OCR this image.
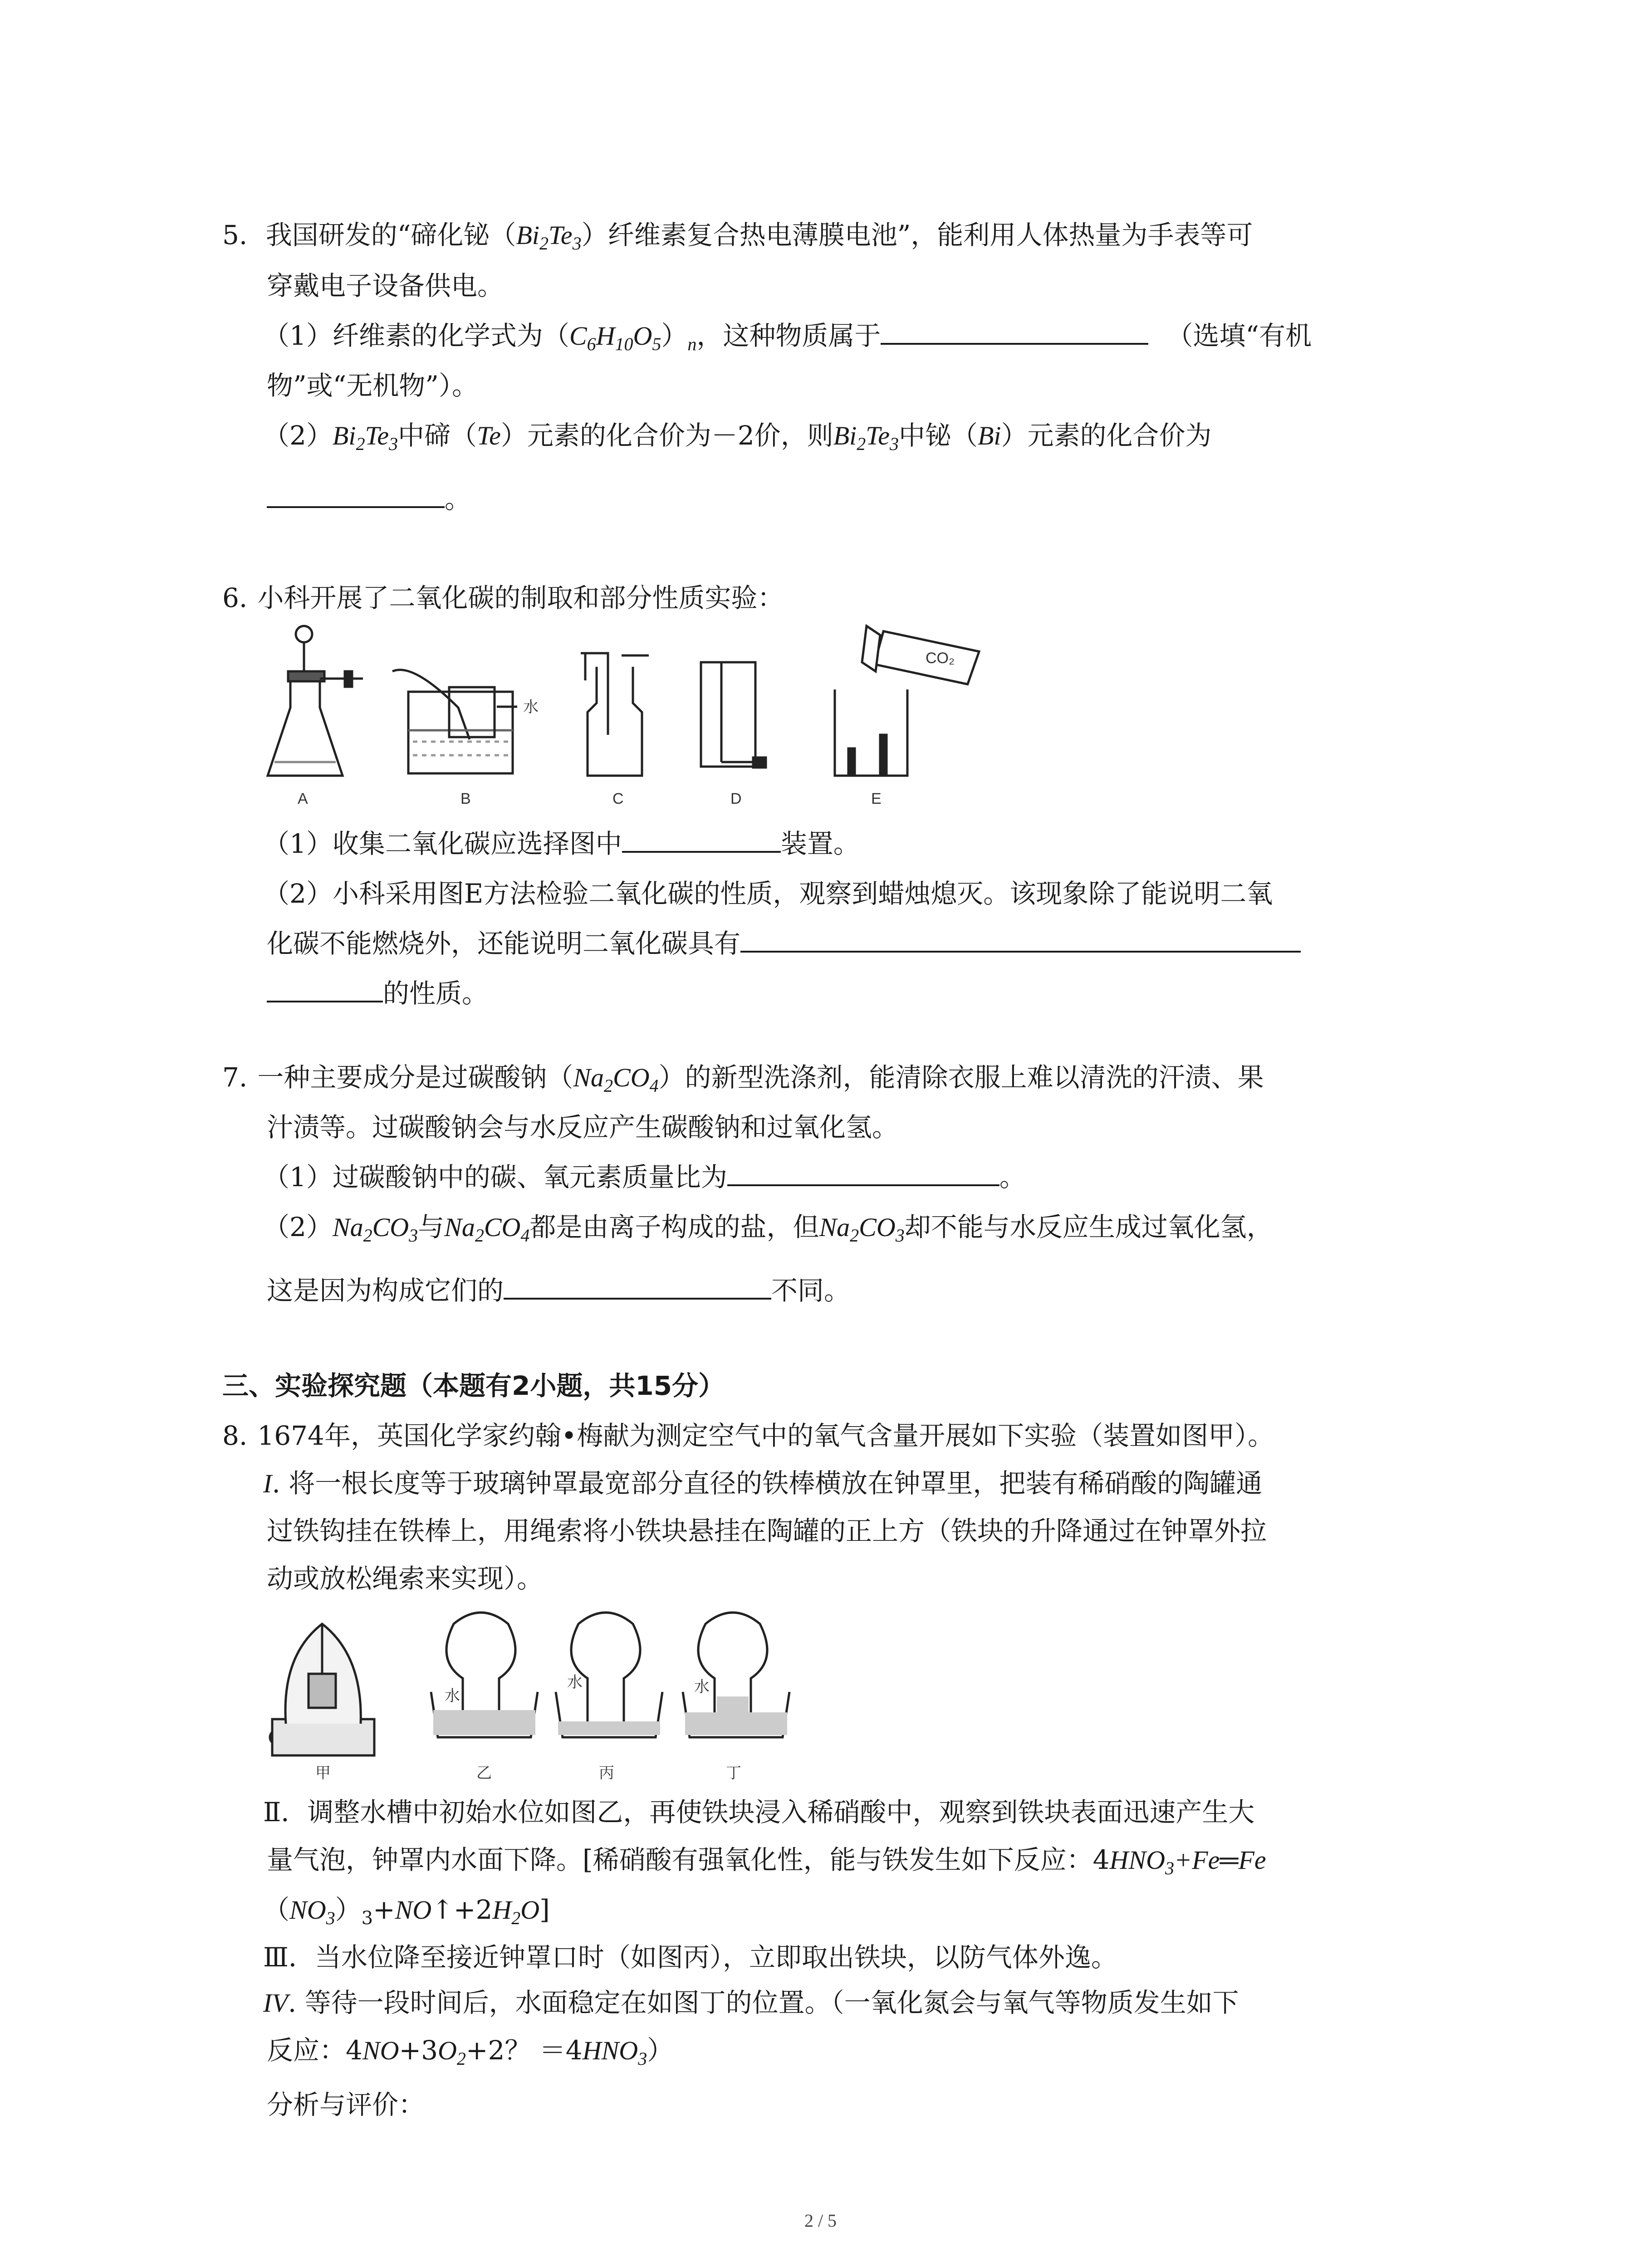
5. 我国研发的“碲化铋$(Bi_2Te_3)$纤维素复合热电薄膜电池”，能利用人体热量为手表等可
穿戴电子设备供电。
（1）纤维素的化学式为$(C_6H_{10}O_5)_n$，这种物质属于	（选填“有机
物”或“无机物”）。
$(2)Bi_2Te_3$中碲（Te）元素的化合价为－2价，则$Bi_2Te_3$中铋（Bi）元素的化合价为
。
6. 小科开展了二氧化碳的制取和部分性质实验：
CO₂
水
A	B	C	D	E
（1）收集二氧化碳应选择图中	装置。
（2）小科采用图E方法检验二氧化碳的性质，观察到蜡烛熄灭。该现象除了能说明二氧
化碳不能燃烧外，还能说明二氧化碳具有
的性质。
7. 一种主要成分是过碳酸钠$(Na_2CO_4)$的新型洗涤剂，能清除衣服上难以清洗的汗渍、果
汁渍等。过碳酸钠会与水反应产生碳酸钠和过氧化氢。
（1）过碳酸钠中的碳、氧元素质量比为	。
$(2)Na_2CO_3$与$Na_2CO_4$都是由离子构成的盐，但$Na_2CO_3$却不能与水反应生成过氧化氢，
这是因为构成它们的	不同。
三、实验探究题（本题有2小题，共15分）
8. 1674年，英国化学家约翰•梅献为测定空气中的氧气含量开展如下实验（装置如图甲）。
I. 将一根长度等于玻璃钟罩最宽部分直径的铁棒横放在钟罩里，把装有稀硝酸的陶罐通
过铁钩挂在铁棒上，用绳索将小铁块悬挂在陶罐的正上方（铁块的升降通过在钟罩外拉
动或放松绳索来实现）。
水
水	水
甲	乙	丙	丁
Ⅱ．调整水槽中初始水位如图乙，再使铁块浸入稀硝酸中，观察到铁块表面迅速产生大
量气泡，钟罩内水面下降。[稀硝酸有强氧化性，能与铁发生如下反应：$4HNO_3+Fe═Fe$
$(NO_3)_3+NO↑+2H_2O$]
Ⅲ．当水位降至接近钟罩口时（如图丙），立即取出铁块，以防气体外逸。
IV. 等待一段时间后，水面稳定在如图丁的位置。（一氧化氮会与氧气等物质发生如下
反应：$4NO+3O_2+2$？ $=4HNO_3$）
分析与评价：
2 / 5
